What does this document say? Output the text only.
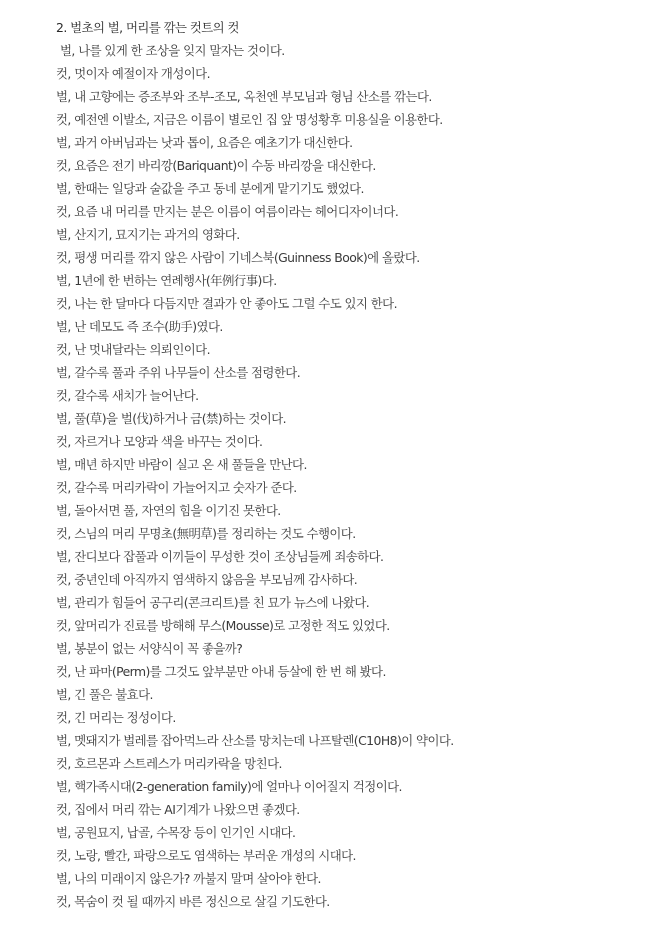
2. 벌초의 벌, 머리를 깎는 컷트의 컷
벌, 나를 있게 한 조상을 잊지 말자는 것이다.
컷, 멋이자 예절이자 개성이다.
벌, 내 고향에는 증조부와 조부-조모, 옥천엔 부모님과 형님 산소를 깎는다.
컷, 예전엔 이발소, 지금은 이름이 별로인 집 앞 명성황후 미용실을 이용한다.
벌, 과거 아버님과는 낫과 톱이, 요즘은 예초기가 대신한다.
컷, 요즘은 전기 바리깡(Bariquant)이 수동 바리깡을 대신한다.
벌, 한때는 일당과 술값을 주고 동네 분에게 맡기기도 했었다.
컷, 요즘 내 머리를 만지는 분은 이름이 여름이라는 헤어디자이너다.
벌, 산지기, 묘지기는 과거의 영화다.
컷, 평생 머리를 깎지 않은 사람이 기네스북(Guinness Book)에 올랐다.
벌, 1년에 한 번하는 연례행사(年例行事)다.
컷, 나는 한 달마다 다듬지만 결과가 안 좋아도 그럴 수도 있지 한다.
벌, 난 데모도 즉 조수(助手)였다.
컷, 난 멋내달라는 의뢰인이다.
벌, 갈수록 풀과 주위 나무들이 산소를 점령한다.
컷, 갈수록 새치가 늘어난다.
벌, 풀(草)을 벌(伐)하거나 금(禁)하는 것이다.
컷, 자르거나 모양과 색을 바꾸는 것이다.
벌, 매년 하지만 바람이 실고 온 새 풀들을 만난다.
컷, 갈수록 머리카락이 가늘어지고 숫자가 준다.
벌, 돌아서면 풀, 자연의 힘을 이기진 못한다.
컷, 스님의 머리 무명초(無明草)를 정리하는 것도 수행이다.
벌, 잔디보다 잡풀과 이끼들이 무성한 것이 조상님들께 죄송하다.
컷, 중년인데 아직까지 염색하지 않음을 부모님께 감사하다.
벌, 관리가 힘들어 공구리(콘크리트)를 친 묘가 뉴스에 나왔다.
컷, 앞머리가 진료를 방해해 무스(Mousse)로 고정한 적도 있었다.
벌, 봉분이 없는 서양식이 꼭 좋을까?
컷, 난 파마(Perm)를 그것도 앞부분만 아내 등살에 한 번 해 봤다.
벌, 긴 풀은 불효다.
컷, 긴 머리는 정성이다.
벌, 멧돼지가 벌레를 잡아먹느라 산소를 망치는데 나프탈렌(C10H8)이 약이다.
컷, 호르몬과 스트레스가 머리카락을 망친다.
벌, 핵가족시대(2-generation family)에 얼마나 이어질지 걱정이다.
컷, 집에서 머리 깎는 AI기계가 나왔으면 좋겠다.
벌, 공원묘지, 납골, 수목장 등이 인기인 시대다.
컷, 노랑, 빨간, 파랑으로도 염색하는 부러운 개성의 시대다.
벌, 나의 미래이지 않은가? 까불지 말며 살아야 한다.
컷, 목숨이 컷 될 때까지 바른 정신으로 살길 기도한다.
